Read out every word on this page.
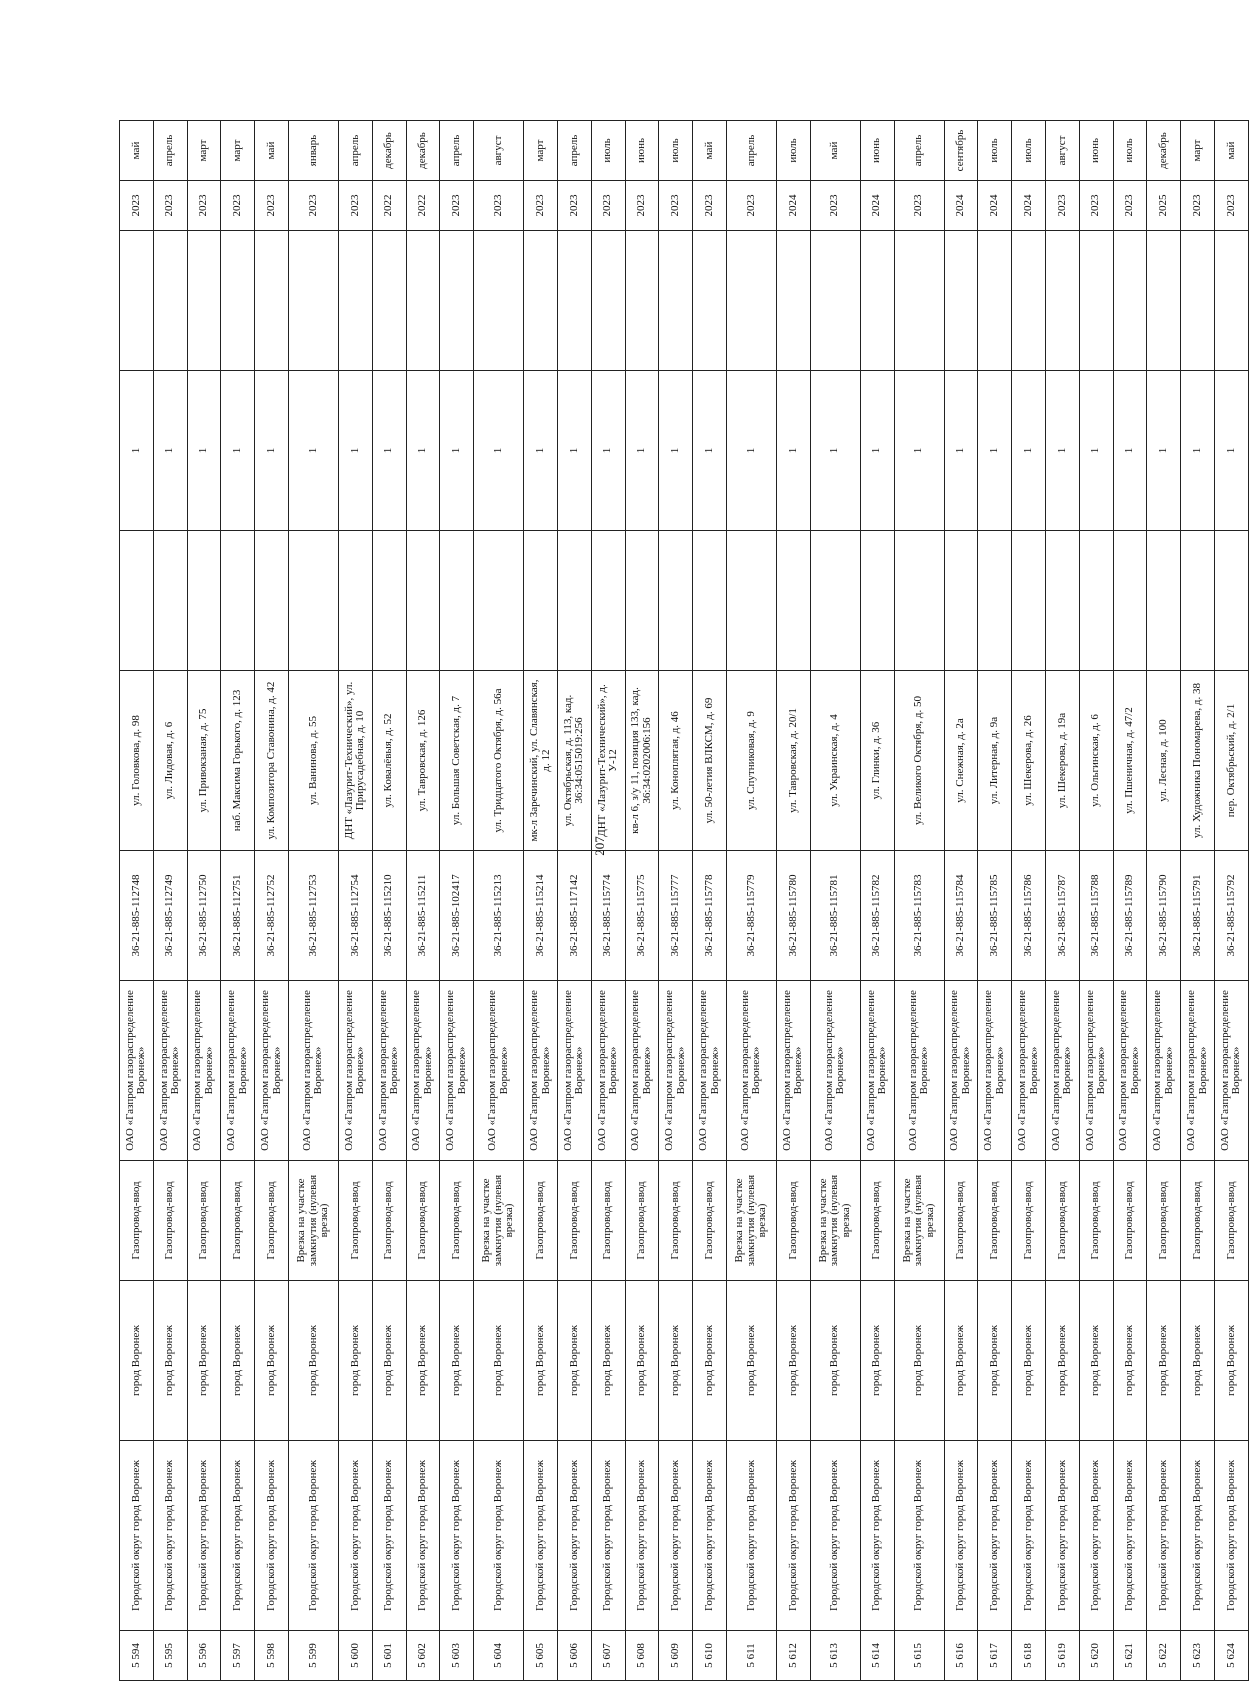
207
5 594	Городской округ город Воронеж	город Воронеж	Газопровод-ввод	ОАО «Газпром газораспределение Воронеж»	36-21-885-112748	ул. Головкова, д. 98		1		2023	май
5 595	Городской округ город Воронеж	город Воронеж	Газопровод-ввод	ОАО «Газпром газораспределение Воронеж»	36-21-885-112749	ул. Лидовая, д. 6		1		2023	апрель
5 596	Городской округ город Воронеж	город Воронеж	Газопровод-ввод	ОАО «Газпром газораспределение Воронеж»	36-21-885-112750	ул. Привокзаная, д. 75		1		2023	март
5 597	Городской округ город Воронеж	город Воронеж	Газопровод-ввод	ОАО «Газпром газораспределение Воронеж»	36-21-885-112751	наб. Максима Горького, д. 123		1		2023	март
5 598	Городской округ город Воронеж	город Воронеж	Газопровод-ввод	ОАО «Газпром газораспределение Воронеж»	36-21-885-112752	ул. Композитора Ставонина, д. 42		1		2023	май
5 599	Городской округ город Воронеж	город Воронеж	Врезка на участке замкнутия (нулевая врезка)	ОАО «Газпром газораспределение Воронеж»	36-21-885-112753	ул. Ванинова, д. 55		1		2023	январь
5 600	Городской округ город Воронеж	город Воронеж	Газопровод-ввод	ОАО «Газпром газораспределение Воронеж»	36-21-885-112754	ДНТ «Лазурит-Технический», ул. Прирусадебная, д. 10		1		2023	апрель
5 601	Городской округ город Воронеж	город Воронеж	Газопровод-ввод	ОАО «Газпром газораспределение Воронеж»	36-21-885-115210	ул. Ковалёвыя, д. 52		1		2022	декабрь
5 602	Городской округ город Воронеж	город Воронеж	Газопровод-ввод	ОАО «Газпром газораспределение Воронеж»	36-21-885-115211	ул. Тавровская, д. 126		1		2022	декабрь
5 603	Городской округ город Воронеж	город Воронеж	Газопровод-ввод	ОАО «Газпром газораспределение Воронеж»	36-21-885-102417	ул. Большая Советская, д. 7		1		2023	апрель
5 604	Городской округ город Воронеж	город Воронеж	Врезка на участке замкнутия (нулевая врезка)	ОАО «Газпром газораспределение Воронеж»	36-21-885-115213	ул. Тридцатого Октября, д. 56а		1		2023	август
5 605	Городской округ город Воронеж	город Воронеж	Газопровод-ввод	ОАО «Газпром газораспределение Воронеж»	36-21-885-115214	мк-л Заречинский, ул. Славянская, д. 12		1		2023	март
5 606	Городской округ город Воронеж	город Воронеж	Газопровод-ввод	ОАО «Газпром газораспределение Воронеж»	36-21-885-117142	ул. Октябрьская, д. 113, кад. 36:34:0515019:256		1		2023	апрель
5 607	Городской округ город Воронеж	город Воронеж	Газопровод-ввод	ОАО «Газпром газораспределение Воронеж»	36-21-885-115774	ДНТ «Лазурит-Технический», д. У-12		1		2023	июль
5 608	Городской округ город Воронеж	город Воронеж	Газопровод-ввод	ОАО «Газпром газораспределение Воронеж»	36-21-885-115775	кв-л 6, з/у 11, позиция 133, кад. 36:34:0202006:156		1		2023	июнь
5 609	Городской округ город Воронеж	город Воронеж	Газопровод-ввод	ОАО «Газпром газораспределение Воронеж»	36-21-885-115777	ул. Коноплятая, д. 46		1		2023	июль
5 610	Городской округ город Воронеж	город Воронеж	Газопровод-ввод	ОАО «Газпром газораспределение Воронеж»	36-21-885-115778	ул. 50-летия ВЛКСМ, д. 69		1		2023	май
5 611	Городской округ город Воронеж	город Воронеж	Врезка на участке замкнутия (нулевая врезка)	ОАО «Газпром газораспределение Воронеж»	36-21-885-115779	ул. Спутниковая, д. 9		1		2023	апрель
5 612	Городской округ город Воронеж	город Воронеж	Газопровод-ввод	ОАО «Газпром газораспределение Воронеж»	36-21-885-115780	ул. Тавровская, д. 20/1		1		2024	июль
5 613	Городской округ город Воронеж	город Воронеж	Врезка на участке замкнутия (нулевая врезка)	ОАО «Газпром газораспределение Воронеж»	36-21-885-115781	ул. Украинская, д. 4		1		2023	май
5 614	Городской округ город Воронеж	город Воронеж	Газопровод-ввод	ОАО «Газпром газораспределение Воронеж»	36-21-885-115782	ул. Глинки, д. 36		1		2024	июнь
5 615	Городской округ город Воронеж	город Воронеж	Врезка на участке замкнутия (нулевая врезка)	ОАО «Газпром газораспределение Воронеж»	36-21-885-115783	ул. Великого Октября, д. 50		1		2023	апрель
5 616	Городской округ город Воронеж	город Воронеж	Газопровод-ввод	ОАО «Газпром газораспределение Воронеж»	36-21-885-115784	ул. Снежная, д. 2а		1		2024	сентябрь
5 617	Городской округ город Воронеж	город Воронеж	Газопровод-ввод	ОАО «Газпром газораспределение Воронеж»	36-21-885-115785	ул. Литерная, д. 9а		1		2024	июль
5 618	Городской округ город Воронеж	город Воронеж	Газопровод-ввод	ОАО «Газпром газораспределение Воронеж»	36-21-885-115786	ул. Шекерова, д. 26		1		2024	июль
5 619	Городской округ город Воронеж	город Воронеж	Газопровод-ввод	ОАО «Газпром газораспределение Воронеж»	36-21-885-115787	ул. Шекерова, д. 19а		1		2023	август
5 620	Городской округ город Воронеж	город Воронеж	Газопровод-ввод	ОАО «Газпром газораспределение Воронеж»	36-21-885-115788	ул. Ольгинская, д. 6		1		2023	июнь
5 621	Городской округ город Воронеж	город Воронеж	Газопровод-ввод	ОАО «Газпром газораспределение Воронеж»	36-21-885-115789	ул. Пшеничная, д. 47/2		1		2023	июль
5 622	Городской округ город Воронеж	город Воронеж	Газопровод-ввод	ОАО «Газпром газораспределение Воронеж»	36-21-885-115790	ул. Лесная, д. 100		1		2025	декабрь
5 623	Городской округ город Воронеж	город Воронеж	Газопровод-ввод	ОАО «Газпром газораспределение Воронеж»	36-21-885-115791	ул. Художника Пономарева, д. 38		1		2023	март
5 624	Городской округ город Воронеж	город Воронеж	Газопровод-ввод	ОАО «Газпром газораспределение Воронеж»	36-21-885-115792	пер. Октябрьский, д. 2/1		1		2023	май
